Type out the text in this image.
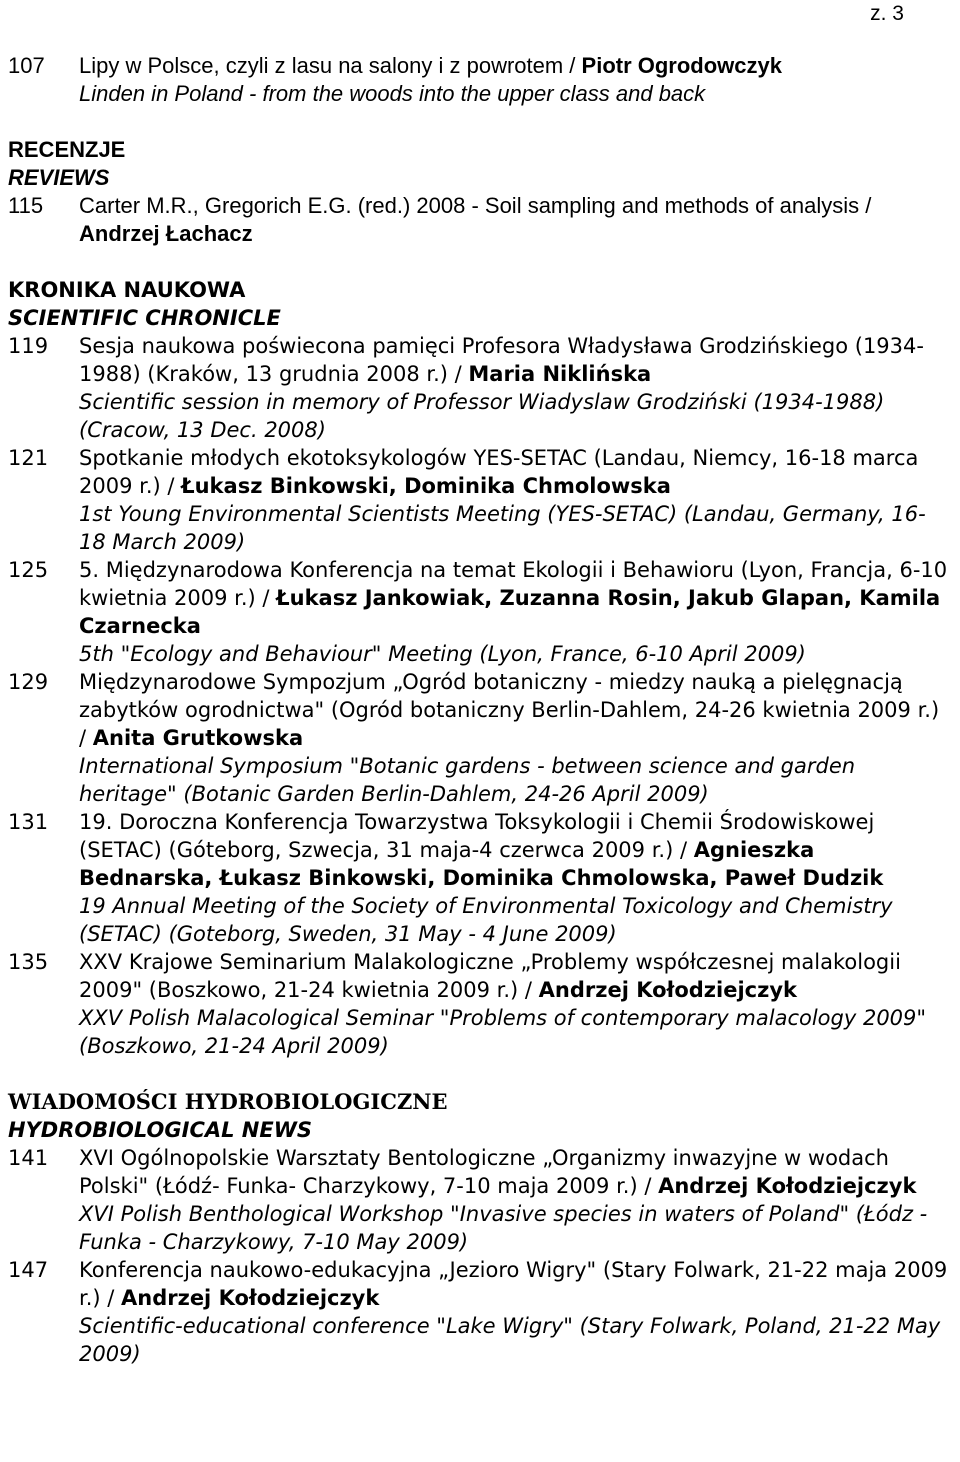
z. 3
107	Lipy w Polsce, czyli z lasu na salony i z powrotem / Piotr Ogrodowczyk
Linden in Poland - from the woods into the upper class and back
RECENZJE
REVIEWS
115	Carter M.R., Gregorich E.G. (red.) 2008 - Soil sampling and methods of analysis / Andrzej Łachacz
KRONIKA NAUKOWA
SCIENTIFIC CHRONICLE
119	Sesja naukowa poświecona pamięci Profesora Władysława Grodzińskiego (1934-1988) (Kraków, 13 grudnia 2008 r.) / Maria Niklińska
Scientific session in memory of Professor Wiadyslaw Grodziński (1934-1988) (Cracow, 13 Dec. 2008)
121	Spotkanie młodych ekotoksykologów YES-SETAC (Landau, Niemcy, 16-18 marca 2009 r.) / Łukasz Binkowski, Dominika Chmolowska
1st Young Environmental Scientists Meeting (YES-SETAC) (Landau, Germany, 16-18 March 2009)
125	5. Międzynarodowa Konferencja na temat Ekologii i Behawioru (Lyon, Francja, 6-10 kwietnia 2009 r.) / Łukasz Jankowiak, Zuzanna Rosin, Jakub Glapan, Kamila Czarnecka
5th "Ecology and Behaviour" Meeting (Lyon, France, 6-10 April 2009)
129	Międzynarodowe Sympozjum „Ogród botaniczny - miedzy nauką a pielęgnacją zabytków ogrodnictwa" (Ogród botaniczny Berlin-Dahlem, 24-26 kwietnia 2009 r.) / Anita Grutkowska
International Symposium "Botanic gardens - between science and garden heritage" (Botanic Garden Berlin-Dahlem, 24-26 April 2009)
131	19. Doroczna Konferencja Towarzystwa Toksykologii i Chemii Środowiskowej (SETAC) (Góteborg, Szwecja, 31 maja-4 czerwca 2009 r.) / Agnieszka Bednarska, Łukasz Binkowski, Dominika Chmolowska, Paweł Dudzik
19 Annual Meeting of the Society of Environmental Toxicology and Chemistry (SETAC) (Goteborg, Sweden, 31 May - 4 June 2009)
135	XXV Krajowe Seminarium Malakologiczne „Problemy współczesnej malakologii 2009" (Boszkowo, 21-24 kwietnia 2009 r.) / Andrzej Kołodziejczyk
XXV Polish Malacological Seminar "Problems of contemporary malacology 2009" (Boszkowo, 21-24 April 2009)
WIADOMOŚCI HYDROBIOLOGICZNE
HYDROBIOLOGICAL NEWS
141	XVI Ogólnopolskie Warsztaty Bentologiczne „Organizmy inwazyjne w wodach Polski" (Łódź- Funka- Charzykowy, 7-10 maja 2009 r.) / Andrzej Kołodziejczyk
XVI Polish Benthological Workshop "Invasive species in waters of Poland" (Łódz - Funka - Charzykowy, 7-10 May 2009)
147	Konferencja naukowo-edukacyjna „Jezioro Wigry" (Stary Folwark, 21-22 maja 2009 r.) / Andrzej Kołodziejczyk
Scientific-educational conference "Lake Wigry" (Stary Folwark, Poland, 21-22 May 2009)
